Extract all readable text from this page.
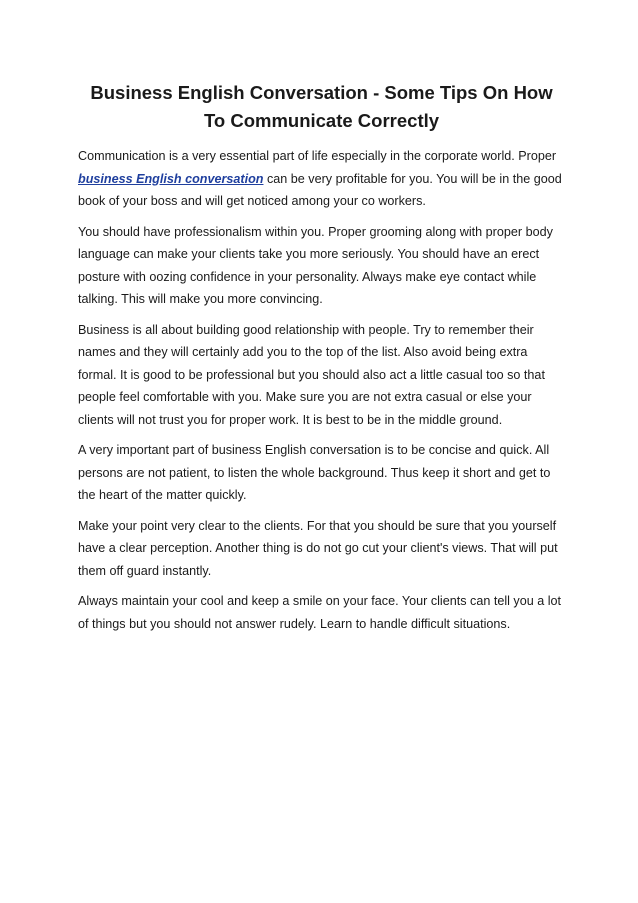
Business English Conversation - Some Tips On How To Communicate Correctly

Communication is a very essential part of life especially in the corporate world. Proper business English conversation can be very profitable for you. You will be in the good book of your boss and will get noticed among your co workers.

You should have professionalism within you. Proper grooming along with proper body language can make your clients take you more seriously. You should have an erect posture with oozing confidence in your personality. Always make eye contact while talking. This will make you more convincing.

Business is all about building good relationship with people. Try to remember their names and they will certainly add you to the top of the list. Also avoid being extra formal. It is good to be professional but you should also act a little casual too so that people feel comfortable with you. Make sure you are not extra casual or else your clients will not trust you for proper work. It is best to be in the middle ground.

A very important part of business English conversation is to be concise and quick. All persons are not patient, to listen the whole background. Thus keep it short and get to the heart of the matter quickly.

Make your point very clear to the clients. For that you should be sure that you yourself have a clear perception. Another thing is do not go cut your client's views. That will put them off guard instantly.

Always maintain your cool and keep a smile on your face. Your clients can tell you a lot of things but you should not answer rudely. Learn to handle difficult situations.
